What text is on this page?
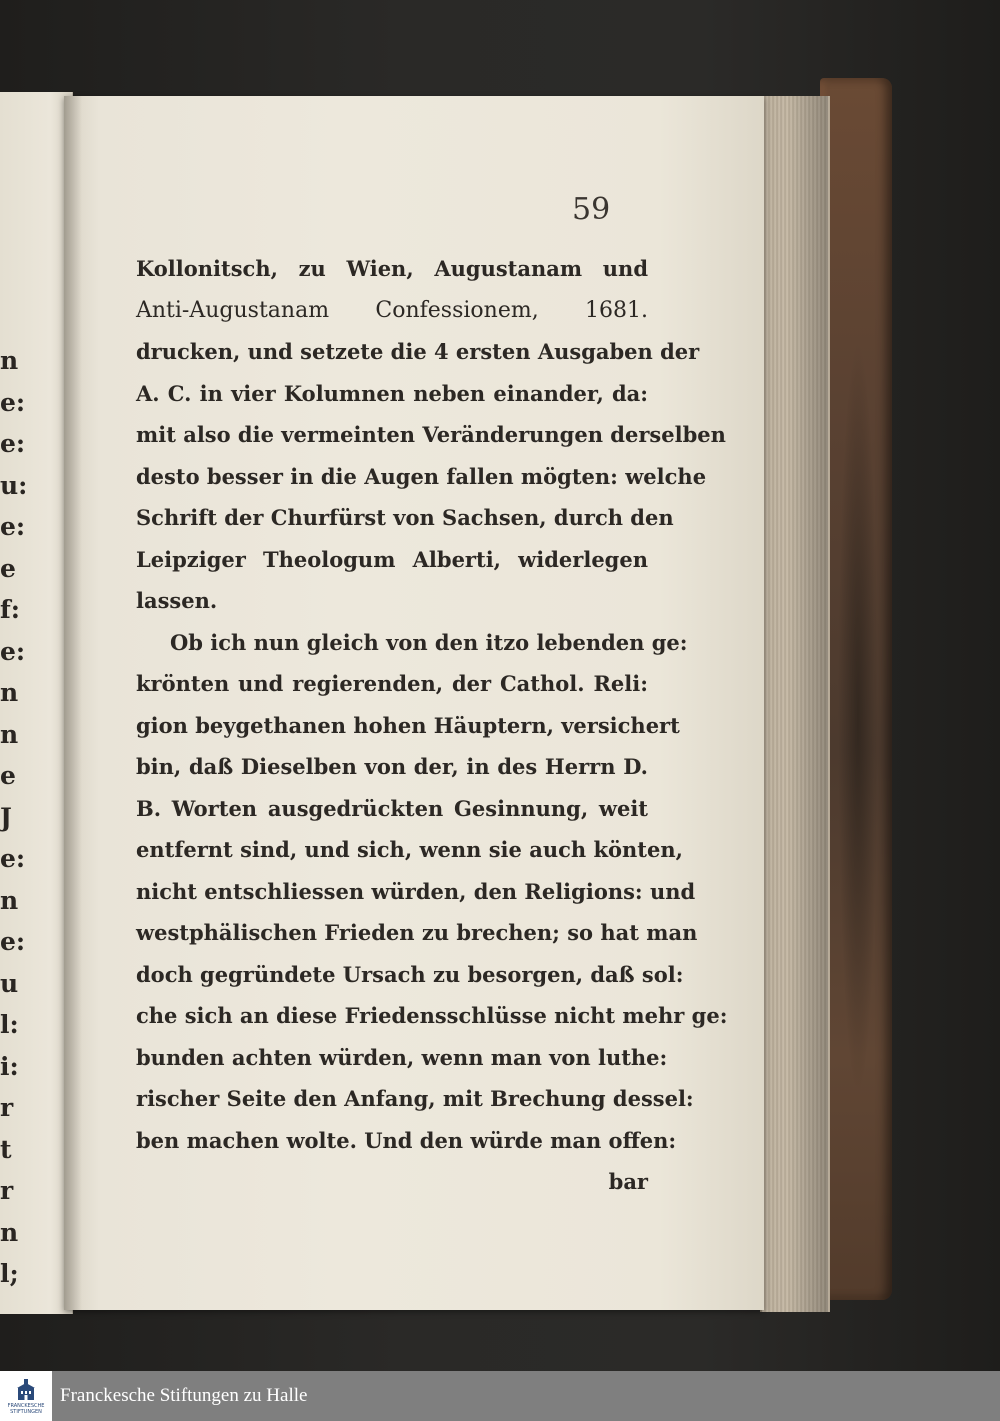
n
e:
e:
u:
e:
e
f:
e:
n
n
e
J
e:
n
e:
u
l:
i:
r
t
r
n
l;

59
Kollonitsch, zu Wien, Augustanam und
Anti-Augustanam Confessionem, 1681.
drucken, und setzete die 4 ersten Ausgaben der
A. C. in vier Kolumnen neben einander, da:
mit also die vermeinten Veränderungen derselben
desto besser in die Augen fallen mögten: welche
Schrift der Churfürst von Sachsen, durch den
Leipziger Theologum Alberti, widerlegen
lassen.
Ob ich nun gleich von den itzo lebenden ge:
krönten und regierenden, der Cathol. Reli:
gion beygethanen hohen Häuptern, versichert
bin, daß Dieselben von der, in des Herrn D.
B. Worten ausgedrückten Gesinnung, weit
entfernt sind, und sich, wenn sie auch könten,
nicht entschliessen würden, den Religions: und
westphälischen Frieden zu brechen; so hat man
doch gegründete Ursach zu besorgen, daß sol:
che sich an diese Friedensschlüsse nicht mehr ge:
bunden achten würden, wenn man von luthe:
rischer Seite den Anfang, mit Brechung dessel:
ben machen wolte. Und den würde man offen:
bar
FRANCKESCHE
STIFTUNGEN
Franckesche Stiftungen zu Halle
